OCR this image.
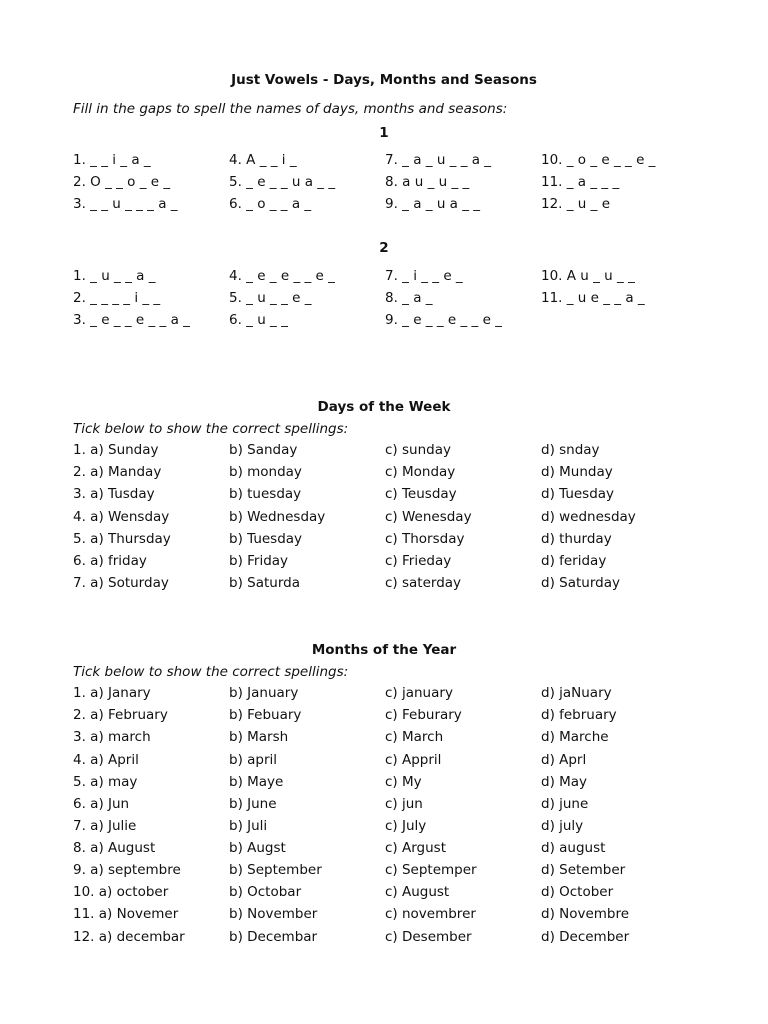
Just Vowels - Days, Months and Seasons
Fill in the gaps to spell the names of days, months and seasons:
1
1. _ _ i _ a _	4. A _ _ i _	7. _ a _ u _ _ a _	10. _ o _ e _ _ e _
2. O _ _ o _ e _	5. _ e _ _ u a _ _	8. a u _ u _ _	11. _ a _ _ _
3. _ _ u _ _ _ a _	6. _ o _ _ a _	9. _ a _ u a _ _	12. _ u _ e
2
1. _ u _ _ a _	4. _ e _ e _ _ e _	7. _ i _ _ e _	10. A u _ u _ _
2. _ _ _ _ i _ _	5. _ u _ _ e _	8. _ a _	11. _ u e _ _ a _
3. _ e _ _ e _ _ a _	6. _ u _ _	9. _ e _ _ e _ _ e _
Days of the Week
Tick below to show the correct spellings:
1. a) Sunday	b) Sanday	c) sunday	d) snday
2. a) Manday	b) monday	c) Monday	d) Munday
3. a) Tusday	b) tuesday	c) Teusday	d) Tuesday
4. a) Wensday	b) Wednesday	c) Wenesday	d) wednesday
5. a) Thursday	b) Tuesday	c) Thorsday	d) thurday
6. a) friday	b) Friday	c) Frieday	d) feriday
7. a) Soturday	b) Saturda	c) saterday	d) Saturday
Months of the Year
Tick below to show the correct spellings:
1. a) Janary	b) January	c) january	d) jaNuary
2. a) February	b) Febuary	c) Feburary	d) february
3. a) march	b) Marsh	c) March	d) Marche
4. a) April	b) april	c) Appril	d) Aprl
5. a) may	b) Maye	c) My	d) May
6. a) Jun	b) June	c) jun	d) june
7. a) Julie	b) Juli	c) July	d) july
8. a) August	b) Augst	c) Argust	d) august
9. a) septembre	b) September	c) Septemper	d) Setember
10. a) october	b) Octobar	c) August	d) October
11. a) Novemer	b) November	c) novembrer	d) Novembre
12. a) decembar	b) Decembar	c) Desember	d) December
